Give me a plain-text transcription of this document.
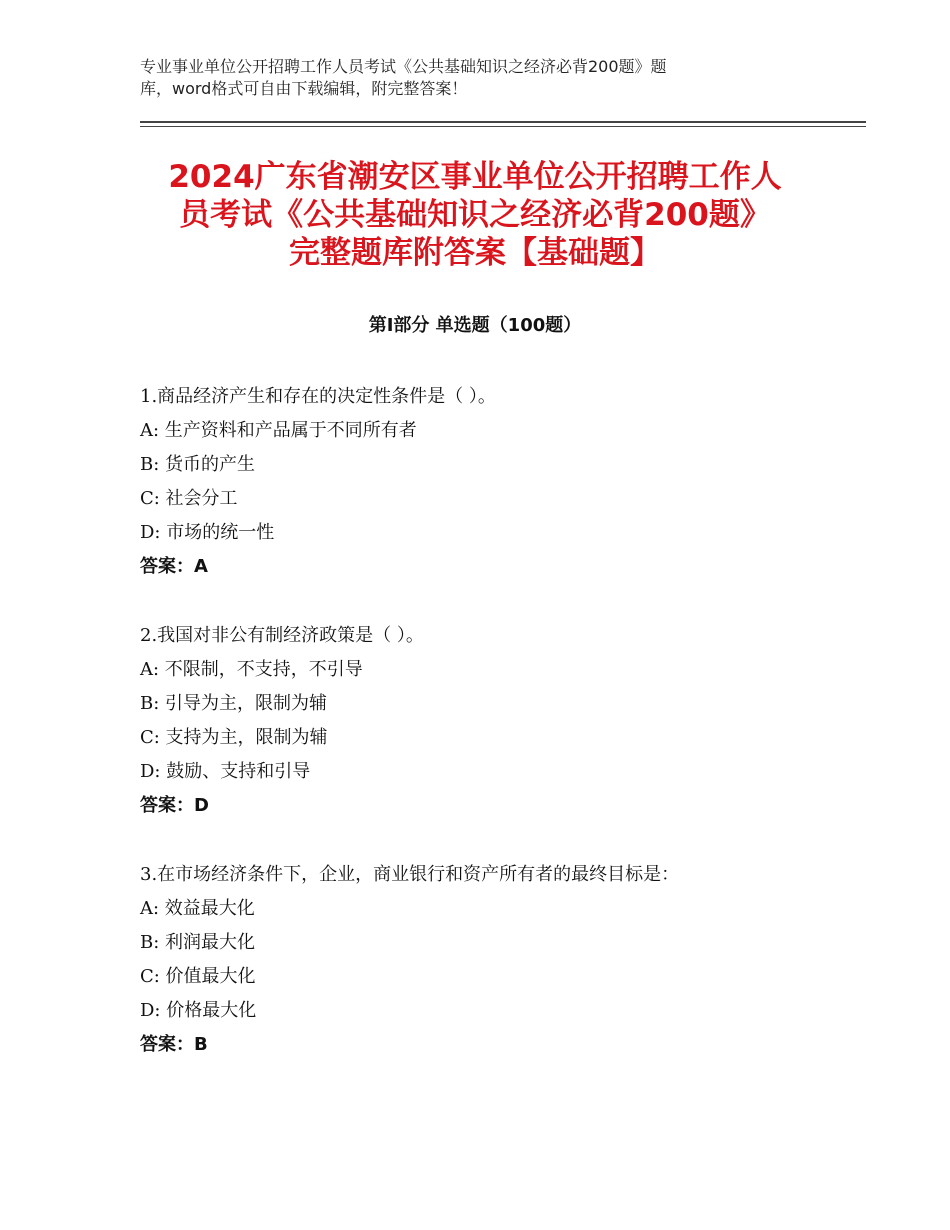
专业事业单位公开招聘工作人员考试《公共基础知识之经济必背200题》题
库，word格式可自由下载编辑，附完整答案！
2024广东省潮安区事业单位公开招聘工作人
员考试《公共基础知识之经济必背200题》
完整题库附答案【基础题】
第Ⅰ部分 单选题（100题）
1.商品经济产生和存在的决定性条件是（ ）。
A: 生产资料和产品属于不同所有者
B: 货币的产生
C: 社会分工
D: 市场的统一性
答案：A
2.我国对非公有制经济政策是（ ）。
A: 不限制，不支持，不引导
B: 引导为主，限制为辅
C: 支持为主，限制为辅
D: 鼓励、支持和引导
答案：D
3.在市场经济条件下，企业，商业银行和资产所有者的最终目标是：
A: 效益最大化
B: 利润最大化
C: 价值最大化
D: 价格最大化
答案：B
